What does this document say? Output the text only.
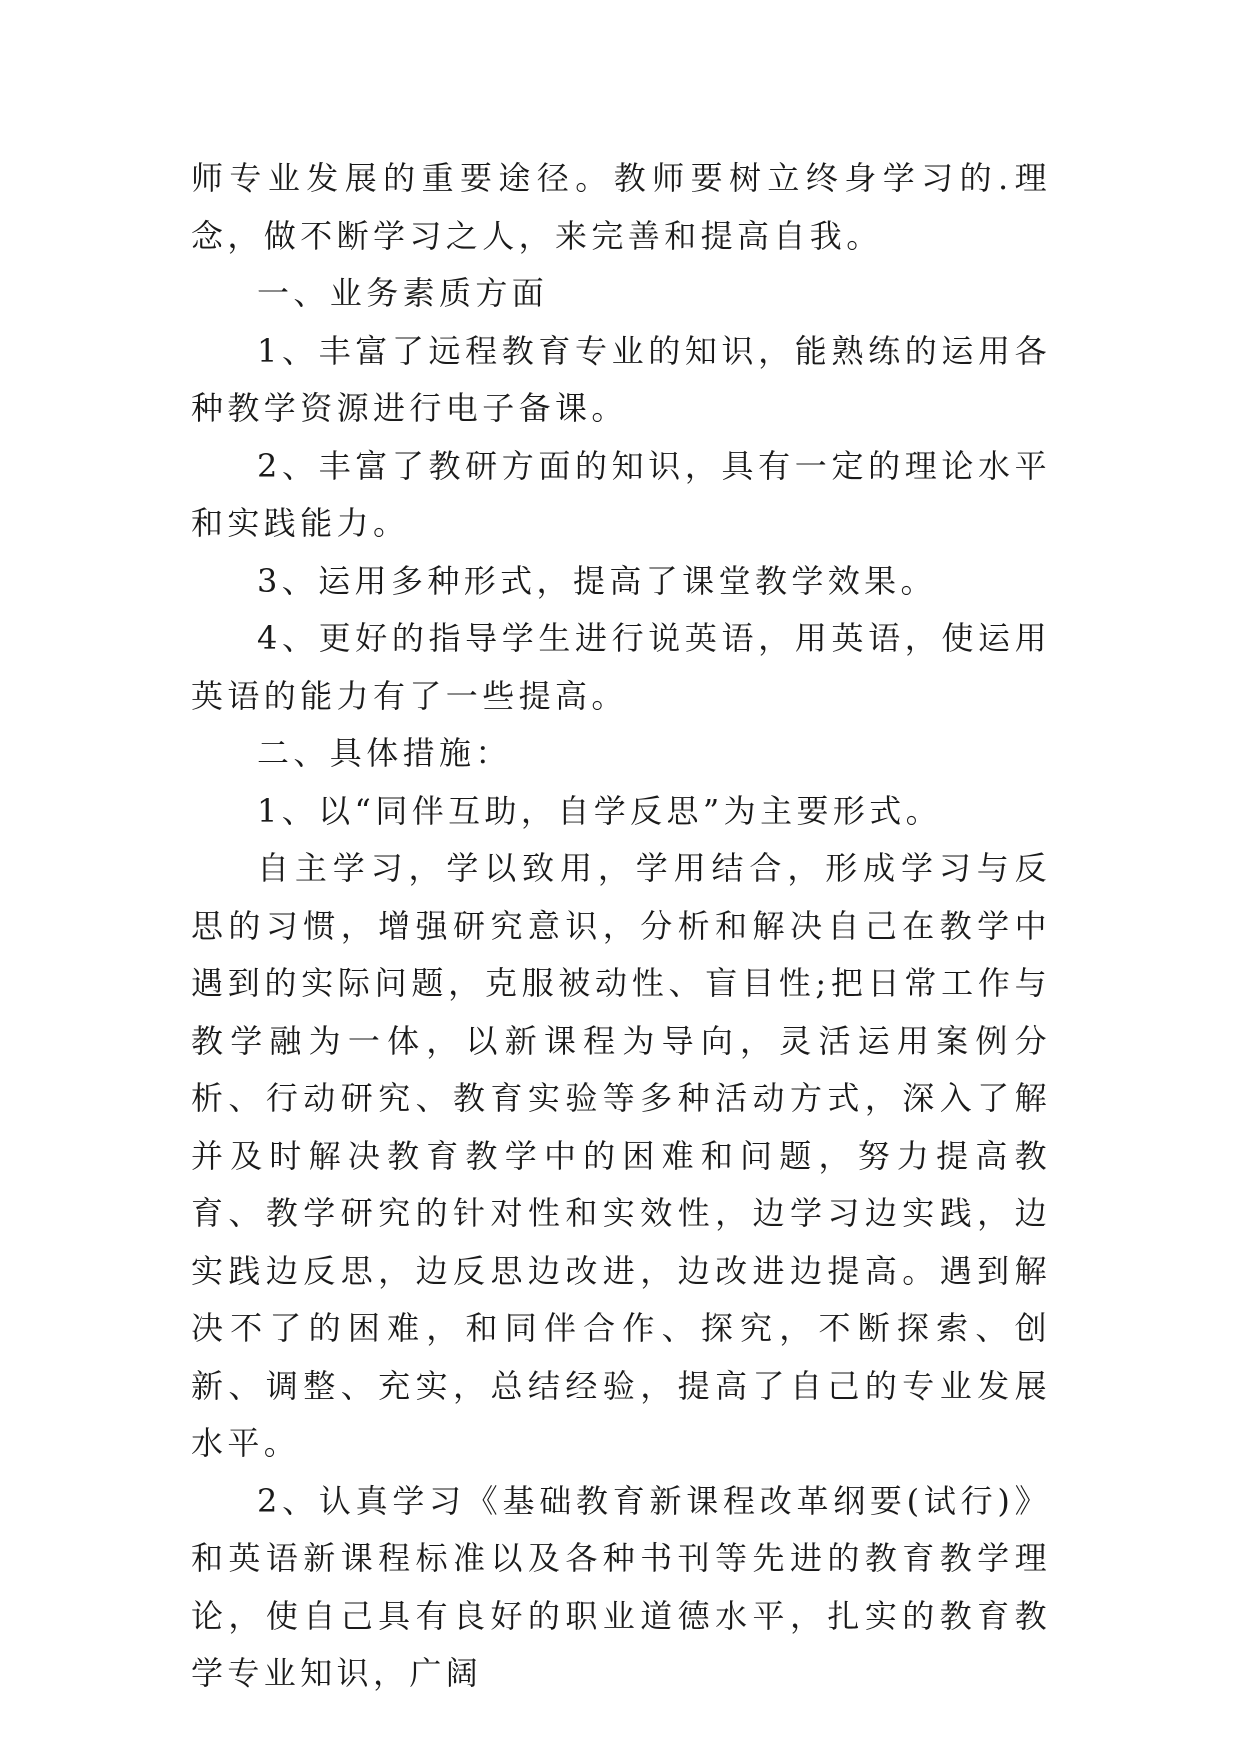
师专业发展的重要途径。教师要树立终身学习的.理念，做不断学习之人，来完善和提高自我。

一、业务素质方面

1、丰富了远程教育专业的知识，能熟练的运用各种教学资源进行电子备课。

2、丰富了教研方面的知识，具有一定的理论水平和实践能力。

3、运用多种形式，提高了课堂教学效果。

4、更好的指导学生进行说英语，用英语，使运用英语的能力有了一些提高。

二、具体措施：

1、以“同伴互助，自学反思”为主要形式。

自主学习，学以致用，学用结合，形成学习与反思的习惯，增强研究意识，分析和解决自己在教学中遇到的实际问题，克服被动性、盲目性;把日常工作与教学融为一体，以新课程为导向，灵活运用案例分析、行动研究、教育实验等多种活动方式，深入了解并及时解决教育教学中的困难和问题，努力提高教育、教学研究的针对性和实效性，边学习边实践，边实践边反思，边反思边改进，边改进边提高。遇到解决不了的困难，和同伴合作、探究，不断探索、创新、调整、充实，总结经验，提高了自己的专业发展水平。

2、认真学习《基础教育新课程改革纲要(试行)》和英语新课程标准以及各种书刊等先进的教育教学理论，使自己具有良好的职业道德水平，扎实的教育教学专业知识，广阔
